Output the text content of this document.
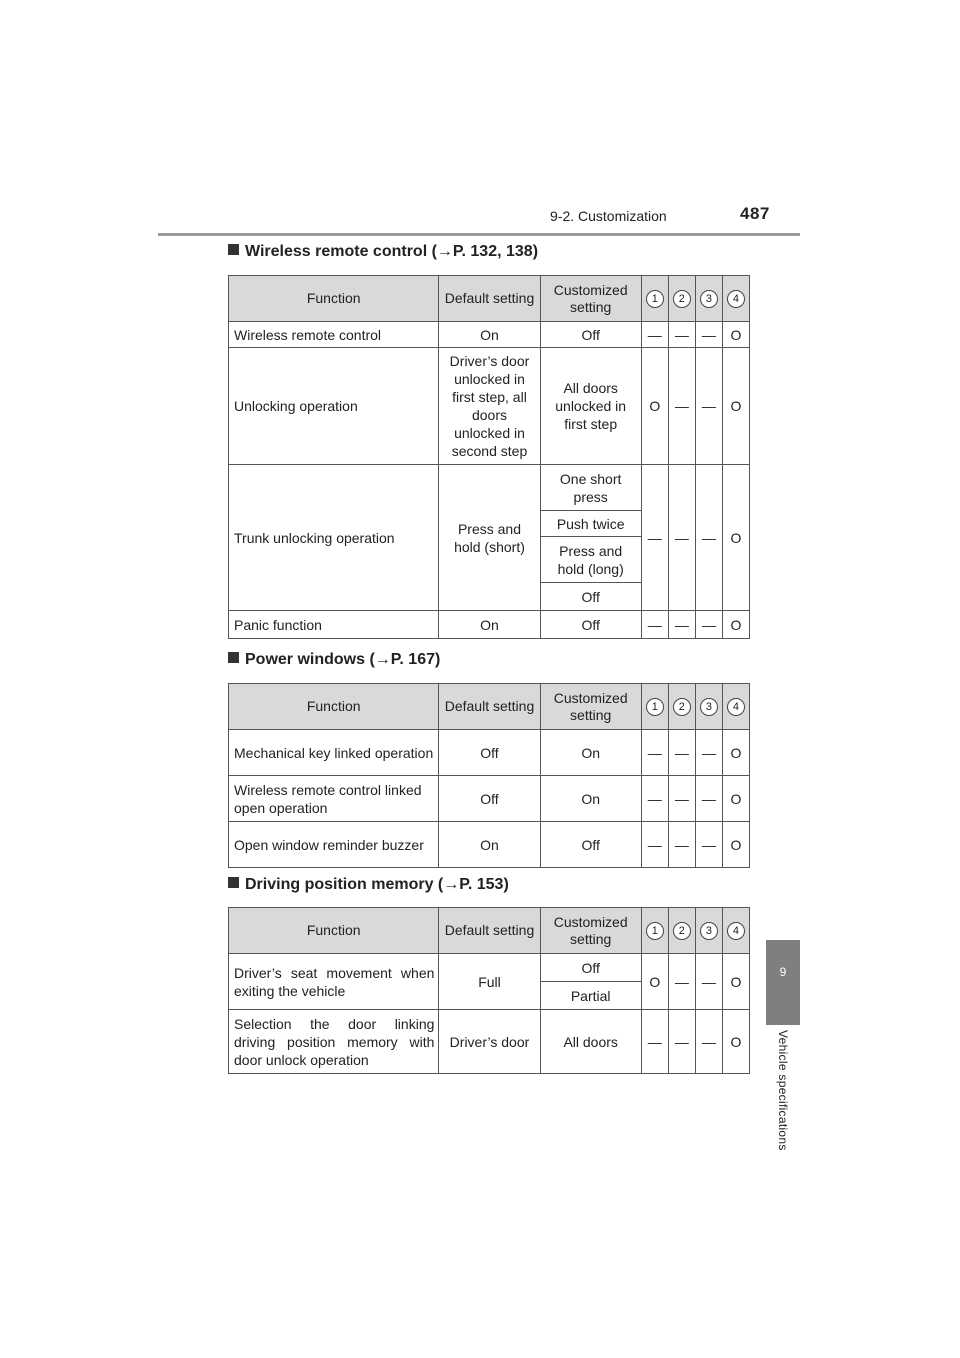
9-2. Customization	487
9
Vehicle specifications
Wireless remote control (→P. 132, 138)
Function	Default setting	Customized setting	1	2	3	4
Wireless remote control	On	Off	—	—	—	O
Unlocking operation	Driver’s door unlocked in first step, all doors unlocked in second step	All doors unlocked in first step	O	—	—	O
Trunk unlocking operation	Press and hold (short)	One short press	—	—	—	O
		Push twice				
		Press and hold (long)				
		Off				
Panic function	On	Off	—	—	—	O
Power windows (→P. 167)
Function	Default setting	Customized setting	1	2	3	4
Mechanical key linked operation	Off	On	—	—	—	O
Wireless remote control linked open operation	Off	On	—	—	—	O
Open window reminder buzzer	On	Off	—	—	—	O
Driving position memory (→P. 153)
Function	Default setting	Customized setting	1	2	3	4
Driver’s seat movement when exiting the vehicle	Full	Off	O	—	—	O
		Partial				
Selection the door linking driving position memory with door unlock operation	Driver’s door	All doors	—	—	—	O
